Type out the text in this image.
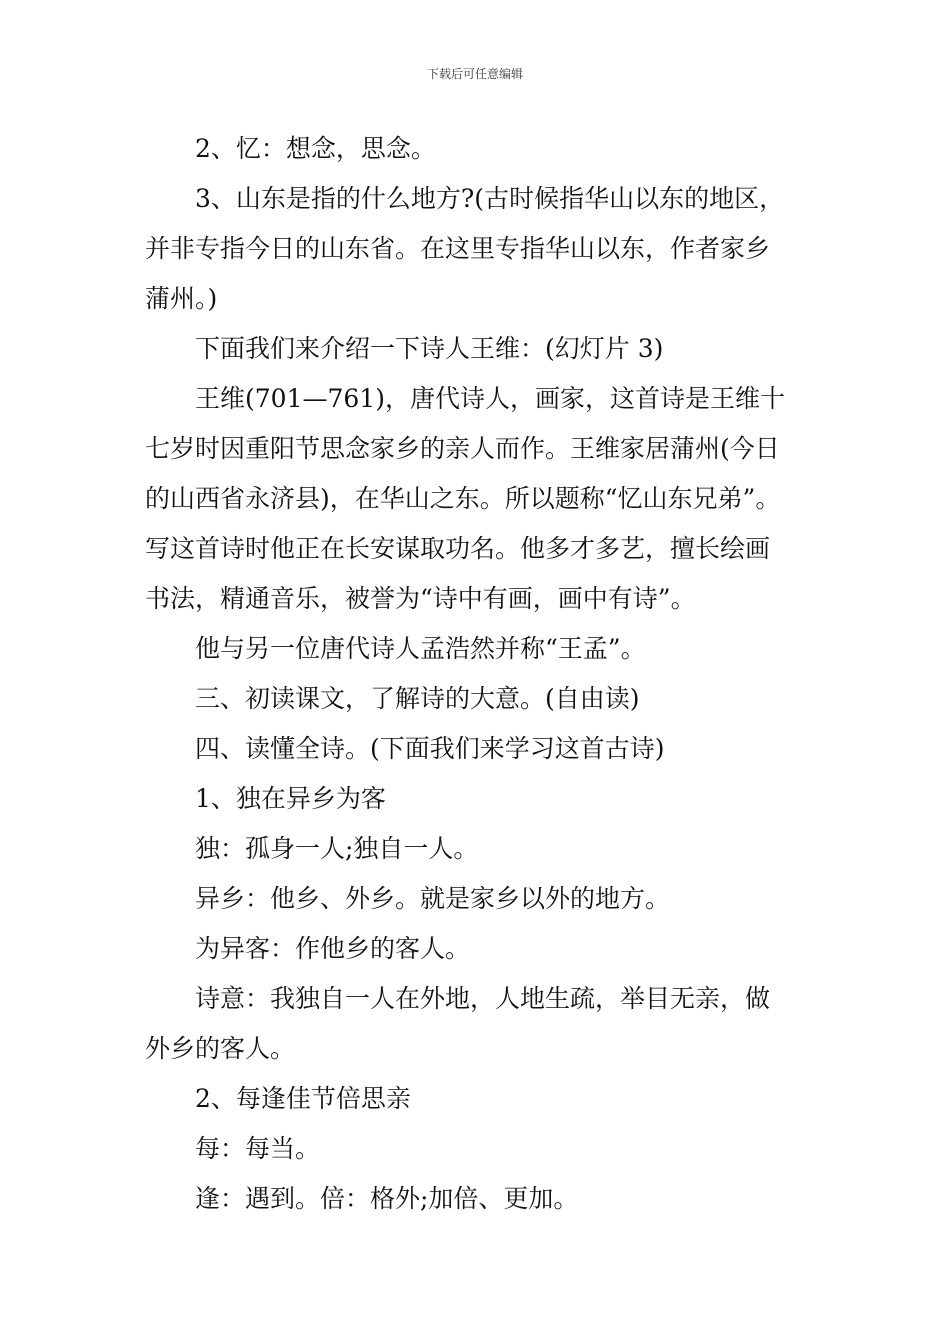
下载后可任意编辑

2、忆：想念，思念。

3、山东是指的什么地方?(古时候指华山以东的地区，
并非专指今日的山东省。在这里专指华山以东，作者家乡
蒲州。)

下面我们来介绍一下诗人王维：(幻灯片 3)

王维(701—761)，唐代诗人，画家，这首诗是王维十
七岁时因重阳节思念家乡的亲人而作。王维家居蒲州(今日
的山西省永济县)，在华山之东。所以题称“忆山东兄弟”。
写这首诗时他正在长安谋取功名。他多才多艺，擅长绘画
书法，精通音乐，被誉为“诗中有画，画中有诗”。

他与另一位唐代诗人孟浩然并称“王孟”。

三、初读课文，了解诗的大意。(自由读)

四、读懂全诗。(下面我们来学习这首古诗)

1、独在异乡为客

独：孤身一人;独自一人。

异乡：他乡、外乡。就是家乡以外的地方。

为异客：作他乡的客人。

诗意：我独自一人在外地，人地生疏，举目无亲，做
外乡的客人。

2、每逢佳节倍思亲

每：每当。

逢：遇到。倍：格外;加倍、更加。
